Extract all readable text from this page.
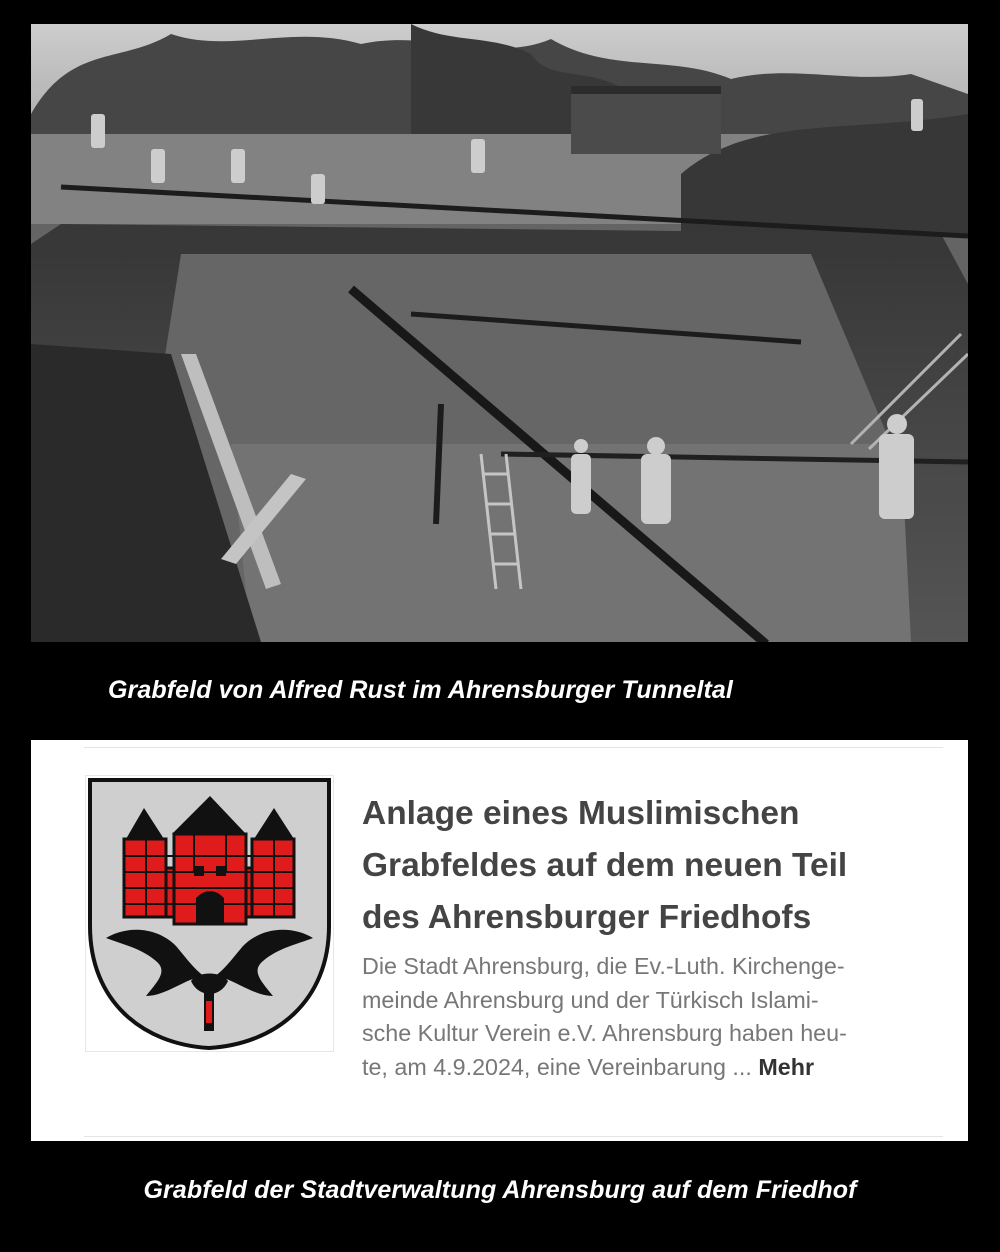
Grabfeld von Alfred Rust im Ahrensburger Tunneltal
Anlage eines Muslimischen
Grabfeldes auf dem neuen Teil
des Ahrensburger Friedhofs
Die Stadt Ahrensburg, die Ev.-Luth. Kirchenge-
meinde Ahrensburg und der Türkisch Islami-
sche Kultur Verein e.V. Ahrensburg haben heu-
te, am 4.9.2024, eine Vereinbarung ... Mehr
Grabfeld der Stadtverwaltung Ahrensburg auf dem Friedhof
